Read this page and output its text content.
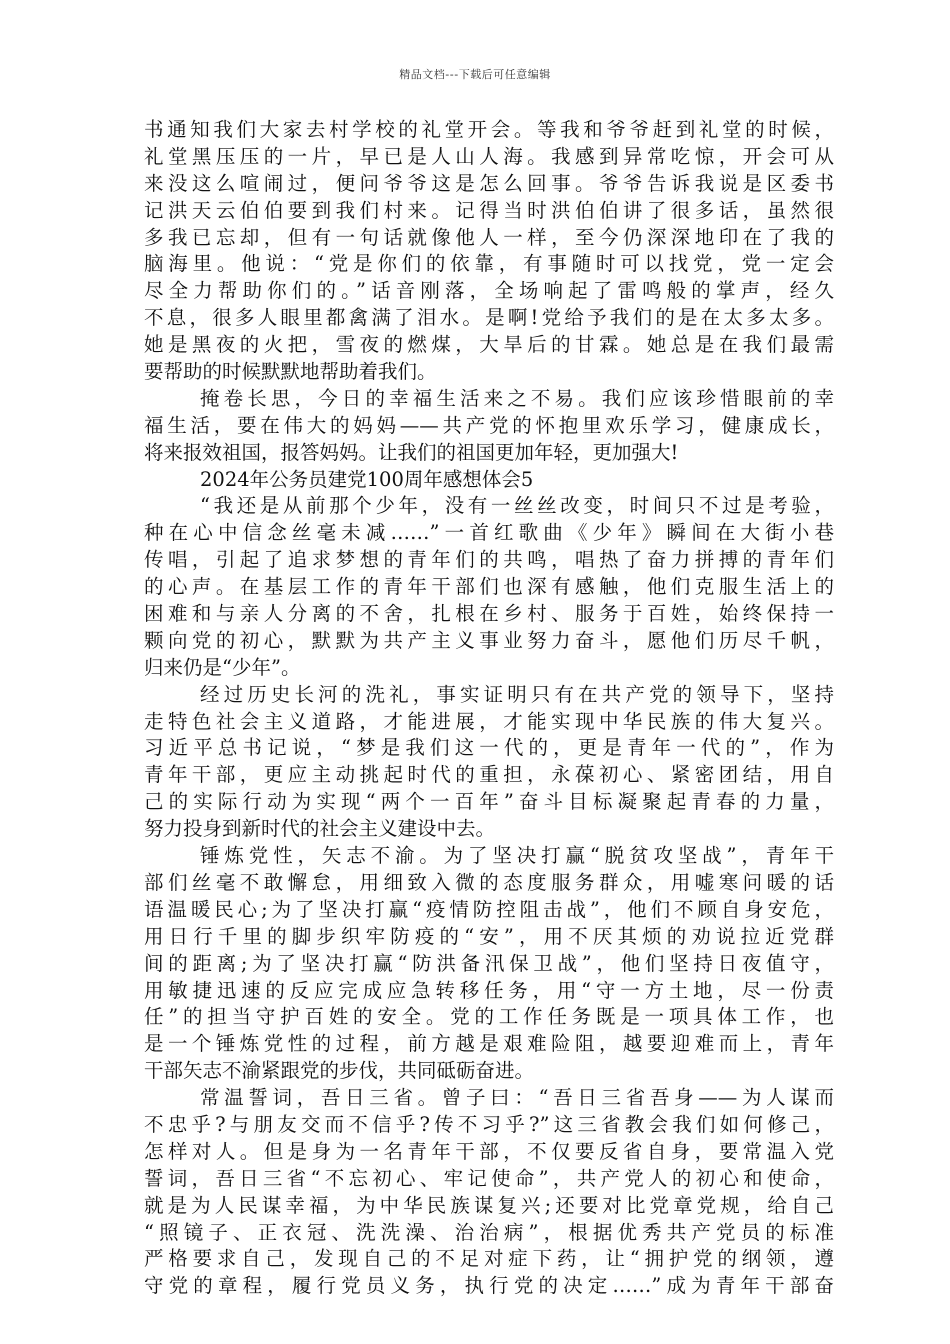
精品文档---下载后可任意编辑
书通知我们大家去村学校的礼堂开会。等我和爷爷赶到礼堂的时候，
礼堂黑压压的一片，早已是人山人海。我感到异常吃惊，开会可从
来没这么喧闹过，便问爷爷这是怎么回事。爷爷告诉我说是区委书
记洪天云伯伯要到我们村来。记得当时洪伯伯讲了很多话，虽然很
多我已忘却，但有一句话就像他人一样，至今仍深深地印在了我的
脑海里。他说：“党是你们的依靠，有事随时可以找党，党一定会
尽全力帮助你们的。”话音刚落，全场响起了雷鸣般的掌声，经久
不息，很多人眼里都禽满了泪水。是啊!党给予我们的是在太多太多。
她是黑夜的火把，雪夜的燃煤，大旱后的甘霖。她总是在我们最需
要帮助的时候默默地帮助着我们。
掩卷长思，今日的幸福生活来之不易。我们应该珍惜眼前的幸
福生活，要在伟大的妈妈——共产党的怀抱里欢乐学习，健康成长，
将来报效祖国，报答妈妈。让我们的祖国更加年轻，更加强大!
2024年公务员建党100周年感想体会5
“我还是从前那个少年，没有一丝丝改变，时间只不过是考验，
种在心中信念丝毫未减……”一首红歌曲《少年》瞬间在大街小巷
传唱，引起了追求梦想的青年们的共鸣，唱热了奋力拼搏的青年们
的心声。在基层工作的青年干部们也深有感触，他们克服生活上的
困难和与亲人分离的不舍，扎根在乡村、服务于百姓，始终保持一
颗向党的初心，默默为共产主义事业努力奋斗，愿他们历尽千帆，
归来仍是“少年”。
经过历史长河的洗礼，事实证明只有在共产党的领导下，坚持
走特色社会主义道路，才能进展，才能实现中华民族的伟大复兴。
习近平总书记说，“梦是我们这一代的，更是青年一代的”，作为
青年干部，更应主动挑起时代的重担，永葆初心、紧密团结，用自
己的实际行动为实现“两个一百年”奋斗目标凝聚起青春的力量，
努力投身到新时代的社会主义建设中去。
锤炼党性，矢志不渝。为了坚决打赢“脱贫攻坚战”，青年干
部们丝毫不敢懈怠，用细致入微的态度服务群众，用嘘寒问暖的话
语温暖民心;为了坚决打赢“疫情防控阻击战”，他们不顾自身安危，
用日行千里的脚步织牢防疫的“安”，用不厌其烦的劝说拉近党群
间的距离;为了坚决打赢“防洪备汛保卫战”，他们坚持日夜值守，
用敏捷迅速的反应完成应急转移任务，用“守一方土地，尽一份责
任”的担当守护百姓的安全。党的工作任务既是一项具体工作，也
是一个锤炼党性的过程，前方越是艰难险阻，越要迎难而上，青年
干部矢志不渝紧跟党的步伐，共同砥砺奋进。
常温誓词，吾日三省。曾子曰：“吾日三省吾身——为人谋而
不忠乎?与朋友交而不信乎?传不习乎?”这三省教会我们如何修己，
怎样对人。但是身为一名青年干部，不仅要反省自身，要常温入党
誓词，吾日三省“不忘初心、牢记使命”，共产党人的初心和使命，
就是为人民谋幸福，为中华民族谋复兴;还要对比党章党规，给自己
“照镜子、正衣冠、洗洗澡、治治病”，根据优秀共产党员的标准
严格要求自己，发现自己的不足对症下药，让“拥护党的纲领，遵
守党的章程，履行党员义务，执行党的决定……”成为青年干部奋
